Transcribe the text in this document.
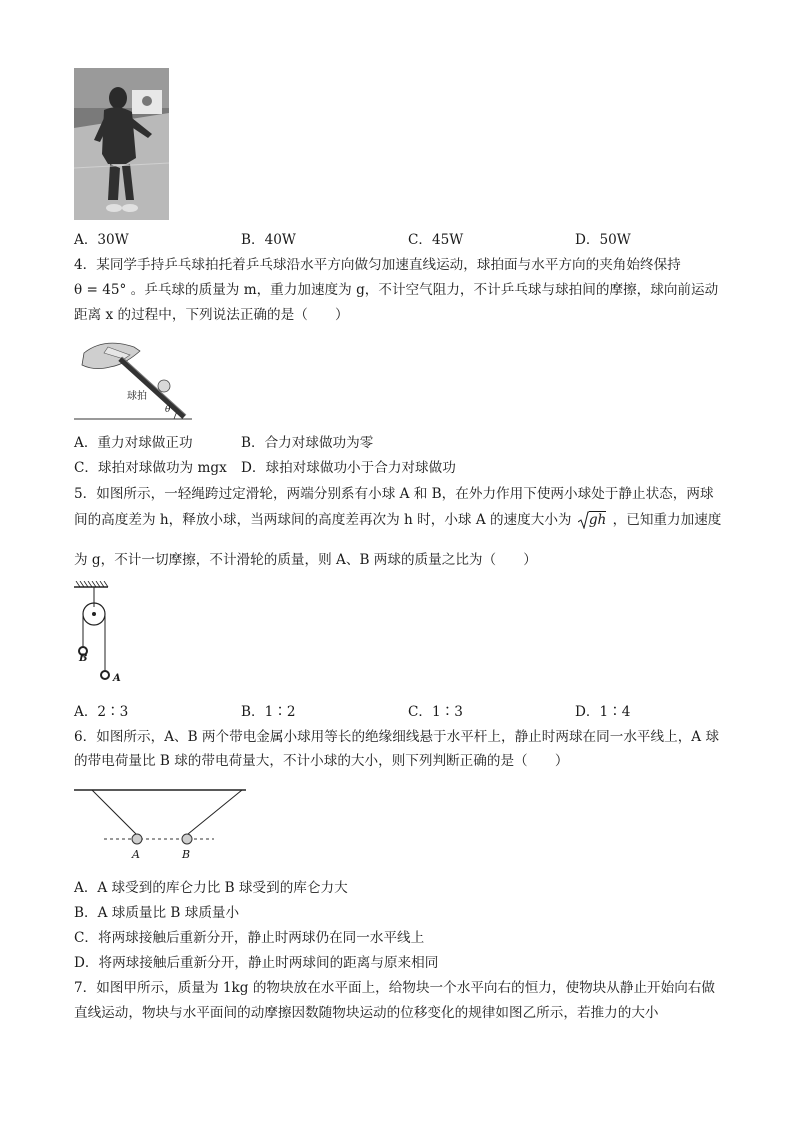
A．30W	B．40W	C．45W	D．50W
4．某同学手持乒乓球拍托着乒乓球沿水平方向做匀加速直线运动，球拍面与水平方向的夹角始终保持
θ = 45° 。乒乓球的质量为 m，重力加速度为 g，不计空气阻力，不计乒乓球与球拍间的摩擦，球向前运动
距离 x 的过程中，下列说法正确的是（　　）
球拍
θ
A．重力对球做正功	B．合力对球做功为零
C．球拍对球做功为 mgx D．球拍对球做功小于合力对球做功
5．如图所示，一轻绳跨过定滑轮，两端分别系有小球 A 和 B，在外力作用下使两小球处于静止状态，两球
间的高度差为 h，释放小球，当两球间的高度差再次为 h 时，小球 A 的速度大小为 gh ，已知重力加速度
为 g，不计一切摩擦，不计滑轮的质量，则 A、B 两球的质量之比为（　　）
B
A
A．2∶3	B．1∶2	C．1∶3	D．1∶4
6．如图所示，A、B 两个带电金属小球用等长的绝缘细线悬于水平杆上，静止时两球在同一水平线上，A 球
的带电荷量比 B 球的带电荷量大，不计小球的大小，则下列判断正确的是（　　）
A	B
A．A 球受到的库仑力比 B 球受到的库仑力大
B．A 球质量比 B 球质量小
C．将两球接触后重新分开，静止时两球仍在同一水平线上
D．将两球接触后重新分开，静止时两球间的距离与原来相同
7．如图甲所示，质量为 1kg 的物块放在水平面上，给物块一个水平向右的恒力，使物块从静止开始向右做
直线运动，物块与水平面间的动摩擦因数随物块运动的位移变化的规律如图乙所示，若推力的大小
